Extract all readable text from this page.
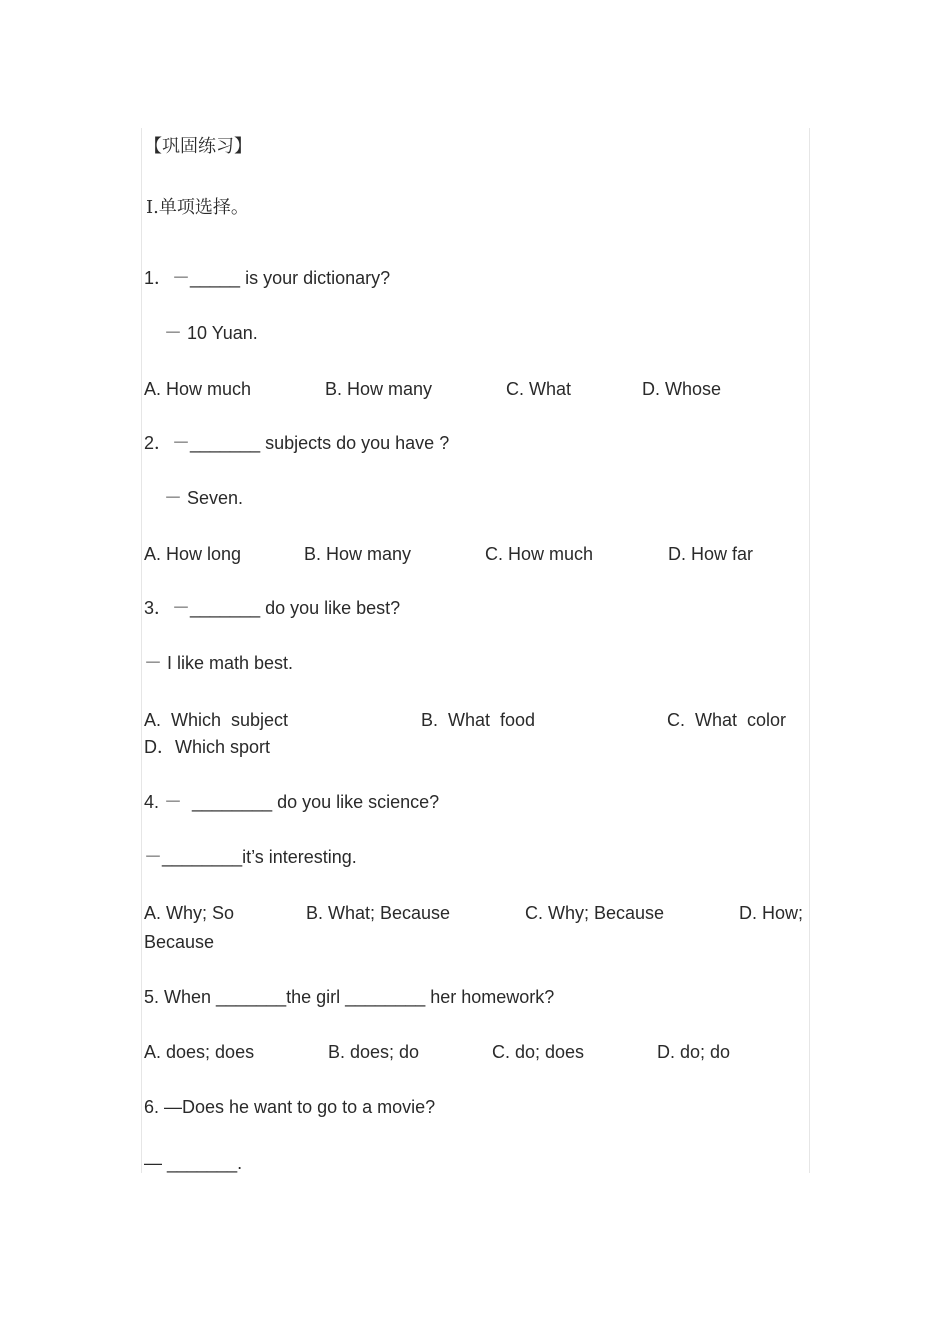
【巩固练习】
Ⅰ.单项选择。
1．－_____ is your dictionary?
－ 10 Yuan.
A. How much	B. How many	C. What	D. Whose
2．－_______ subjects do you have ?
－ Seven.
A. How long	B. How many	C. How much	D. How far
3．－_______ do you like best?
－ I like math best.
A.  Which  subject	B.  What  food	C.  What  color
D．Which sport
4. －  ________ do you like science?
－________it’s interesting.
A. Why; So	B. What; Because	C. Why; Because	D. How;
Because
5. When _______the girl ________ her homework?
A. does; does	B. does; do	C. do; does	D. do; do
6. —Does he want to go to a movie?
— _______.
